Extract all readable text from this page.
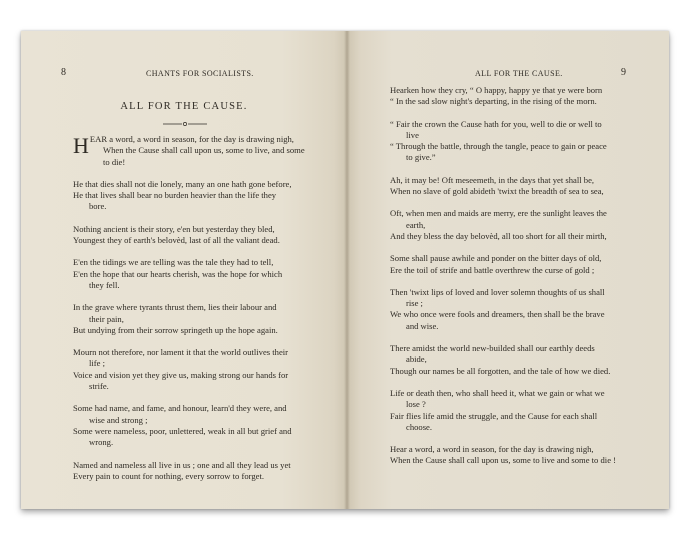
8	CHANTS FOR SOCIALISTS.
ALL FOR THE CAUSE.
H EAR a word, a word in season, for the day is drawing nigh,
When the Cause shall call upon us, some to live, and some
to die!
He that dies shall not die lonely, many an one hath gone before,
He that lives shall bear no burden heavier than the life they
bore.
Nothing ancient is their story, e'en but yesterday they bled,
Youngest they of earth's belovèd, last of all the valiant dead.
E'en the tidings we are telling was the tale they had to tell,
E'en the hope that our hearts cherish, was the hope for which
they fell.
In the grave where tyrants thrust them, lies their labour and
their pain,
But undying from their sorrow springeth up the hope again.
Mourn not therefore, nor lament it that the world outlives their
life ;
Voice and vision yet they give us, making strong our hands for
strife.
Some had name, and fame, and honour, learn'd they were, and
wise and strong ;
Some were nameless, poor, unlettered, weak in all but grief and
wrong.
Named and nameless all live in us ; one and all they lead us yet
Every pain to count for nothing, every sorrow to forget.
ALL FOR THE CAUSE.	9
Hearken how they cry, “ O happy, happy ye that ye were born
“ In the sad slow night's departing, in the rising of the morn.
“ Fair the crown the Cause hath for you, well to die or well to
live
“ Through the battle, through the tangle, peace to gain or peace
to give.”
Ah, it may be! Oft meseemeth, in the days that yet shall be,
When no slave of gold abideth 'twixt the breadth of sea to sea,
Oft, when men and maids are merry, ere the sunlight leaves the
earth,
And they bless the day belovèd, all too short for all their mirth,
Some shall pause awhile and ponder on the bitter days of old,
Ere the toil of strife and battle overthrew the curse of gold ;
Then 'twixt lips of loved and lover solemn thoughts of us shall
rise ;
We who once were fools and dreamers, then shall be the brave
and wise.
There amidst the world new-builded shall our earthly deeds
abide,
Though our names be all forgotten, and the tale of how we died.
Life or death then, who shall heed it, what we gain or what we
lose ?
Fair flies life amid the struggle, and the Cause for each shall
choose.
Hear a word, a word in season, for the day is drawing nigh,
When the Cause shall call upon us, some to live and some to die !
